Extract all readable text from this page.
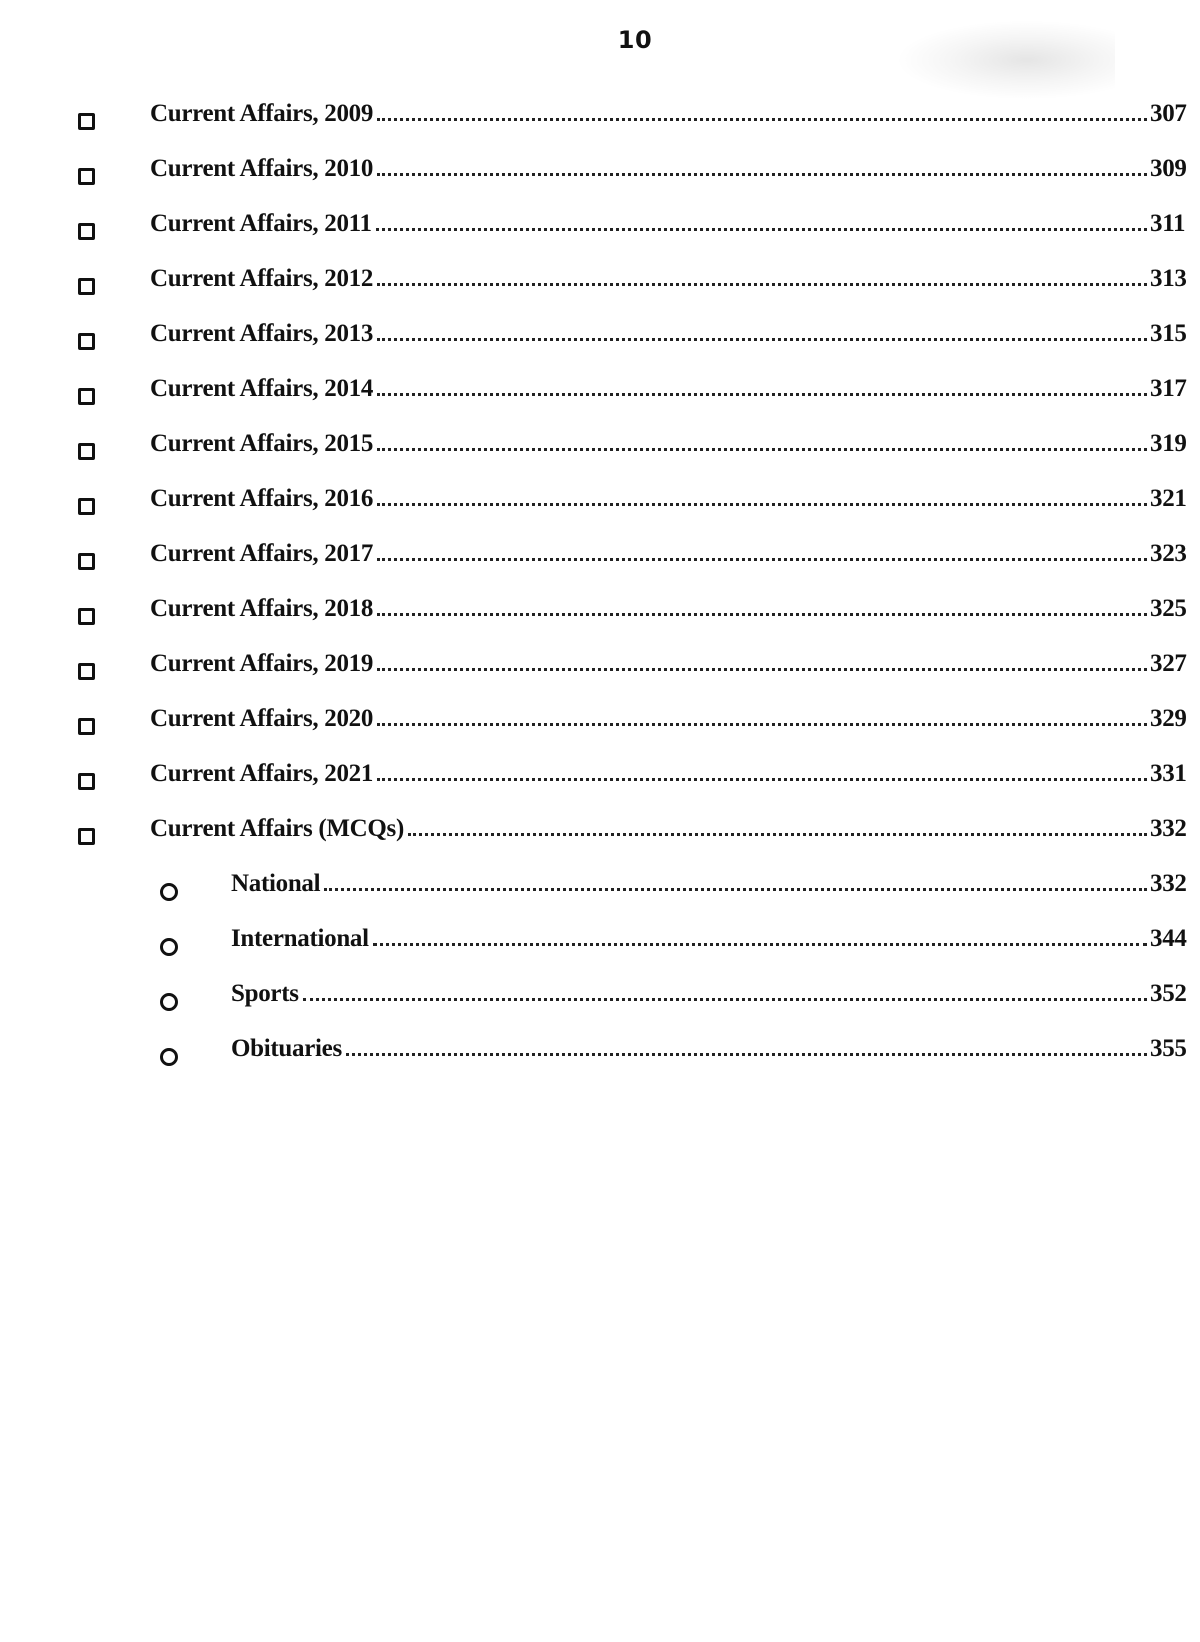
10
Current Affairs, 2009	307
Current Affairs, 2010	309
Current Affairs, 2011	311
Current Affairs, 2012	313
Current Affairs, 2013	315
Current Affairs, 2014	317
Current Affairs, 2015	319
Current Affairs, 2016	321
Current Affairs, 2017	323
Current Affairs, 2018	325
Current Affairs, 2019	327
Current Affairs, 2020	329
Current Affairs, 2021	331
Current Affairs (MCQs)	332
National	332
International	344
Sports	352
Obituaries	355
